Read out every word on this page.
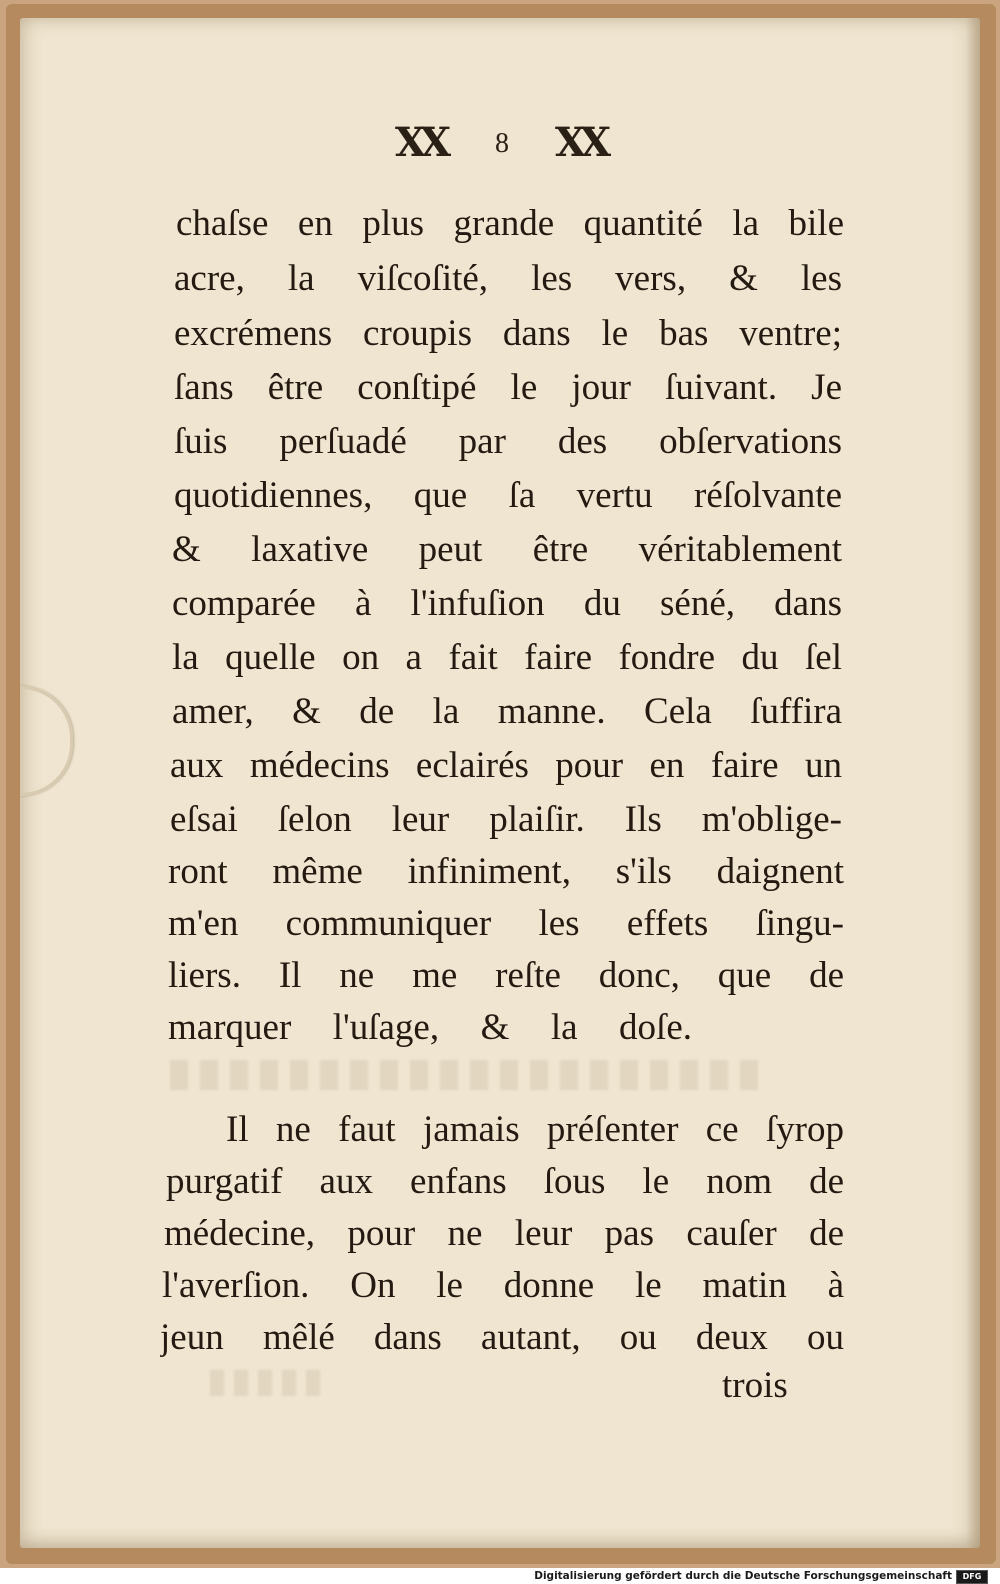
XX 8 XX
chaſse en plus grande quantité la bile
acre, la viſcoſité, les vers, & les
excrémens croupis dans le bas ventre;
ſans être conſtipé le jour ſuivant. Je
ſuis perſuadé par des obſervations
quotidiennes, que ſa vertu réſolvante
& laxative peut être véritablement
comparée à l'infuſion du séné, dans
la quelle on a fait faire fondre du ſel
amer, & de la manne. Cela ſuffira
aux médecins eclairés pour en faire un
eſsai ſelon leur plaiſir. Ils m'oblige-
ront même infiniment, s'ils daignent
m'en communiquer les effets ſingu-
liers. Il ne me reſte donc, que de
marquer l'uſage, & la doſe.
Il ne faut jamais préſenter ce ſyrop
purgatif aux enfans ſous le nom de
médecine, pour ne leur pas cauſer de
l'averſion. On le donne le matin à
jeun mêlé dans autant, ou deux ou
trois
Digitalisierung gefördert durch die Deutsche Forschungsgemeinschaft	DFG
